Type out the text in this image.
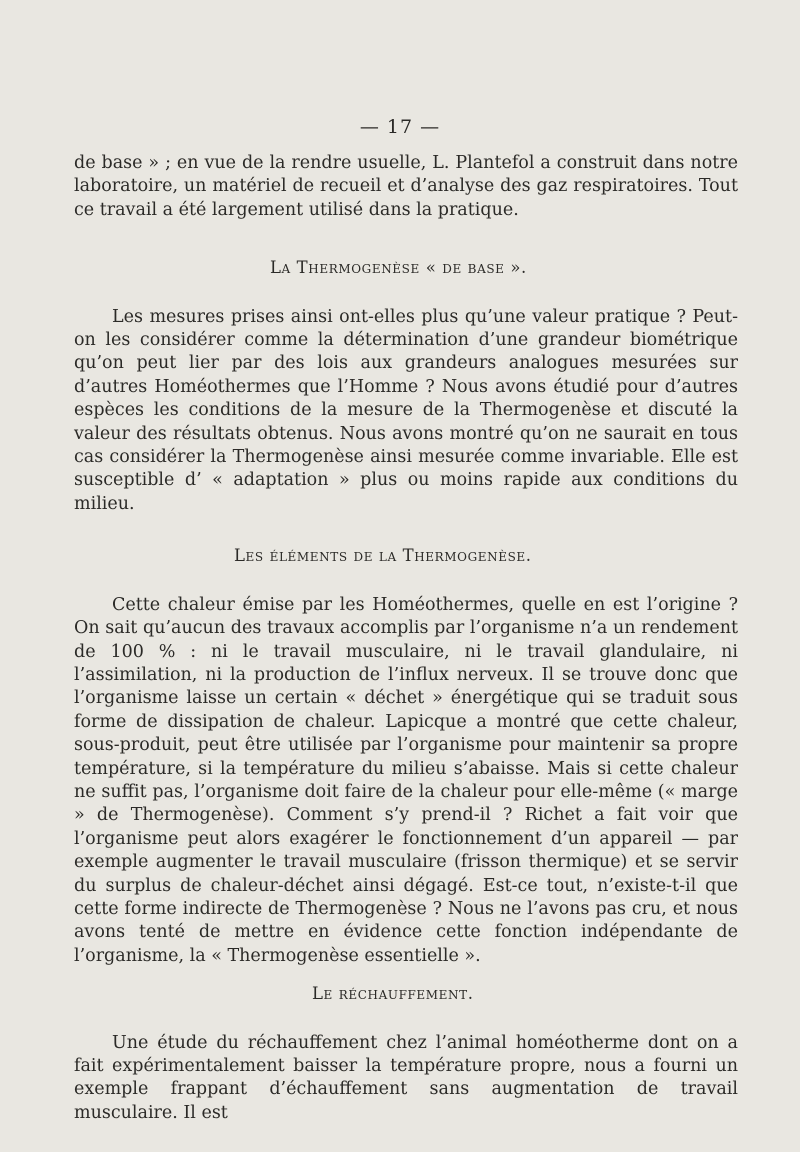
— 17 —

de base » ; en vue de la rendre usuelle, L. Plantefol a construit dans notre laboratoire, un matériel de recueil et d’analyse des gaz respiratoires. Tout ce travail a été largement utilisé dans la pratique.

La Thermogenèse « de base ».

Les mesures prises ainsi ont-elles plus qu’une valeur pratique ? Peut-on les considérer comme la détermination d’une grandeur biométrique qu’on peut lier par des lois aux grandeurs analogues mesurées sur d’autres Homéothermes que l’Homme ? Nous avons étudié pour d’autres espèces les conditions de la mesure de la Thermogenèse et discuté la valeur des résultats obtenus. Nous avons montré qu’on ne saurait en tous cas considérer la Thermogenèse ainsi mesurée comme invariable. Elle est susceptible d’ « adaptation » plus ou moins rapide aux conditions du milieu.

Les éléments de la Thermogenèse.

Cette chaleur émise par les Homéothermes, quelle en est l’origine ? On sait qu’aucun des travaux accomplis par l’organisme n’a un rendement de 100 % : ni le travail musculaire, ni le travail glandulaire, ni l’assimilation, ni la production de l’influx nerveux. Il se trouve donc que l’organisme laisse un certain « déchet » énergétique qui se traduit sous forme de dissipation de chaleur. Lapicque a montré que cette chaleur, sous-produit, peut être utilisée par l’organisme pour maintenir sa propre température, si la température du milieu s’abaisse. Mais si cette chaleur ne suffit pas, l’organisme doit faire de la chaleur pour elle-même (« marge » de Thermogenèse). Comment s’y prend-il ? Richet a fait voir que l’organisme peut alors exagérer le fonctionnement d’un appareil — par exemple augmenter le travail musculaire (frisson thermique) et se servir du surplus de chaleur-déchet ainsi dégagé. Est-ce tout, n’existe-t-il que cette forme indirecte de Thermogenèse ? Nous ne l’avons pas cru, et nous avons tenté de mettre en évidence cette fonction indépendante de l’organisme, la « Thermogenèse essentielle ».

Le réchauffement.

Une étude du réchauffement chez l’animal homéotherme dont on a fait expérimentalement baisser la température propre, nous a fourni un exemple frappant d’échauffement sans augmentation de travail musculaire. Il est
